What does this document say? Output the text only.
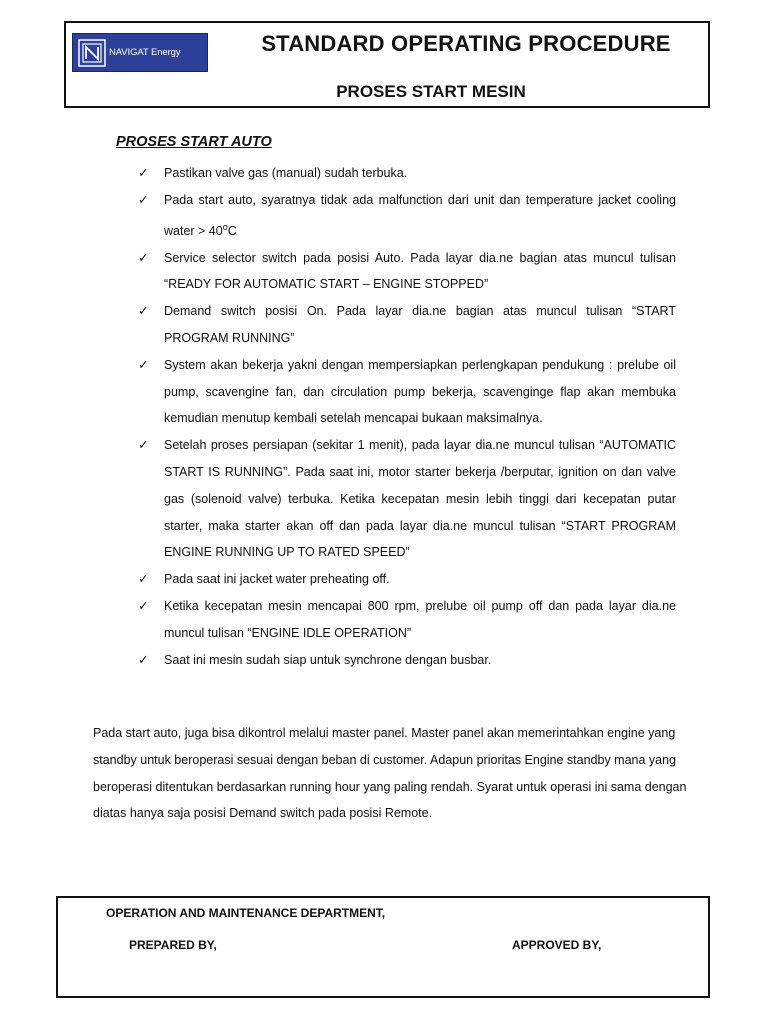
NAVIGAT Energy	STANDARD OPERATING PROCEDURE
PROSES START MESIN
PROSES START AUTO
✓ Pastikan valve gas (manual) sudah terbuka.
✓ Pada start auto, syaratnya tidak ada malfunction dari unit dan temperature jacket cooling water > $40^oC$
✓ Service selector switch pada posisi Auto. Pada layar dia.ne bagian atas muncul tulisan “READY FOR AUTOMATIC START – ENGINE STOPPED”
✓ Demand switch posisi On. Pada layar dia.ne bagian atas muncul tulisan “START PROGRAM RUNNING”
✓ System akan bekerja yakni dengan mempersiapkan perlengkapan pendukung : prelube oil pump, scavengine fan, dan circulation pump bekerja, scavenginge flap akan membuka kemudian menutup kembali setelah mencapai bukaan maksimalnya.
✓ Setelah proses persiapan (sekitar 1 menit), pada layar dia.ne muncul tulisan “AUTOMATIC START IS RUNNING”. Pada saat ini, motor starter bekerja /berputar, ignition on dan valve gas (solenoid valve) terbuka. Ketika kecepatan mesin lebih tinggi dari kecepatan putar starter, maka starter akan off dan pada layar dia.ne muncul tulisan “START PROGRAM ENGINE RUNNING UP TO RATED SPEED”
✓ Pada saat ini jacket water preheating off.
✓ Ketika kecepatan mesin mencapai 800 rpm, prelube oil pump off dan pada layar dia.ne muncul tulisan “ENGINE IDLE OPERATION”
✓ Saat ini mesin sudah siap untuk synchrone dengan busbar.

Pada start auto, juga bisa dikontrol melalui master panel. Master panel akan memerintahkan engine yang standby untuk beroperasi sesuai dengan beban di customer. Adapun prioritas Engine standby mana yang beroperasi ditentukan berdasarkan running hour yang paling rendah. Syarat untuk operasi ini sama dengan diatas hanya saja posisi Demand switch pada posisi Remote.

OPERATION AND MAINTENANCE DEPARTMENT,
PREPARED BY,	APPROVED BY,
